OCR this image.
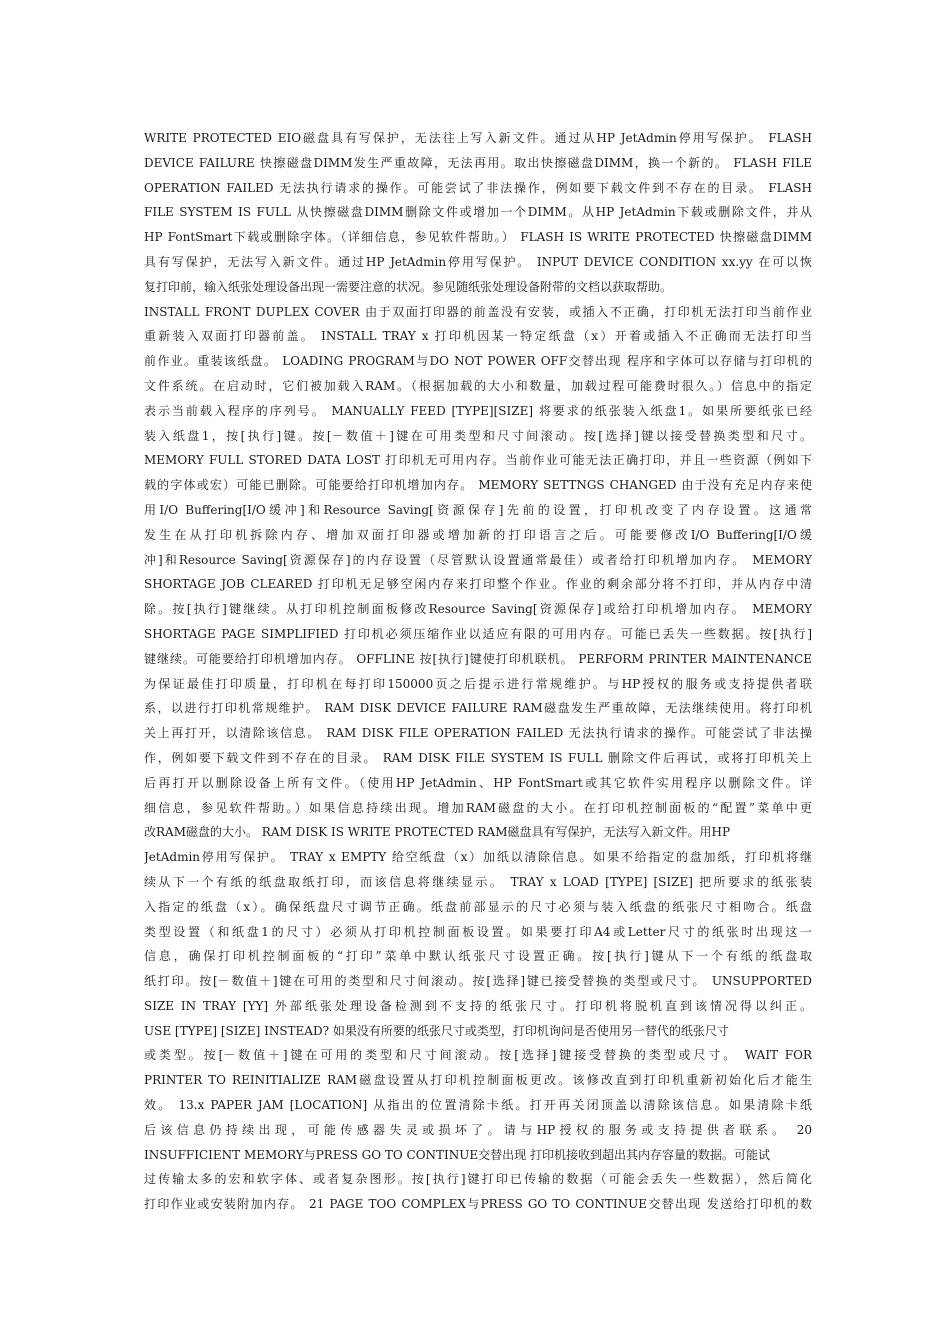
WRITE PROTECTED EIO磁盘具有写保护，无法往上写入新文件。通过从HP JetAdmin停用写保护。 FLASH
DEVICE FAILURE 快擦磁盘DIMM发生严重故障，无法再用。取出快擦磁盘DIMM，换一个新的。 FLASH FILE
OPERATION FAILED 无法执行请求的操作。可能尝试了非法操作，例如要下载文件到不存在的目录。 FLASH
FILE SYSTEM IS FULL 从快擦磁盘DIMM删除文件或增加一个DIMM。从HP JetAdmin下载或删除文件，并从
HP FontSmart下载或删除字体。（详细信息，参见软件帮助。） FLASH IS WRITE PROTECTED 快擦磁盘DIMM
具有写保护，无法写入新文件。通过HP JetAdmin停用写保护。 INPUT DEVICE CONDITION xx.yy 在可以恢
复打印前，输入纸张处理设备出现一需要注意的状况。参见随纸张处理设备附带的文档以获取帮助。
INSTALL FRONT DUPLEX COVER 由于双面打印器的前盖没有安装，或插入不正确，打印机无法打印当前作业
重新装入双面打印器前盖。 INSTALL TRAY x 打印机因某一特定纸盘（x）开着或插入不正确而无法打印当
前作业。重装该纸盘。 LOADING PROGRAM与DO NOT POWER OFF交替出现 程序和字体可以存储与打印机的
文件系统。在启动时，它们被加载入RAM。（根据加载的大小和数量，加载过程可能费时很久。）信息中的指定
表示当前载入程序的序列号。 MANUALLY FEED [TYPE][SIZE] 将要求的纸张装入纸盘1。如果所要纸张已经
装入纸盘1，按[执行]键。按[－数值＋]键在可用类型和尺寸间滚动。按[选择]键以接受替换类型和尺寸。
MEMORY FULL STORED DATA LOST 打印机无可用内存。当前作业可能无法正确打印，并且一些资源（例如下
载的字体或宏）可能已删除。可能要给打印机增加内存。 MEMORY SETTNGS CHANGED 由于没有充足内存来使
用I/O Buffering[I/O缓冲]和Resource Saving[资源保存]先前的设置，打印机改变了内存设置。这通常
发生在从打印机拆除内存、增加双面打印器或增加新的打印语言之后。可能要修改I/O Buffering[I/O缓
冲]和Resource Saving[资源保存]的内存设置（尽管默认设置通常最佳）或者给打印机增加内存。 MEMORY
SHORTAGE JOB CLEARED 打印机无足够空闲内存来打印整个作业。作业的剩余部分将不打印，并从内存中清
除。按[执行]键继续。从打印机控制面板修改Resource Saving[资源保存]或给打印机增加内存。 MEMORY
SHORTAGE PAGE SIMPLIFIED 打印机必须压缩作业以适应有限的可用内存。可能已丢失一些数据。按[执行]
键继续。可能要给打印机增加内存。 OFFLINE 按[执行]键使打印机联机。 PERFORM PRINTER MAINTENANCE
为保证最佳打印质量，打印机在每打印150000页之后提示进行常规维护。与HP授权的服务或支持提供者联
系，以进行打印机常规维护。 RAM DISK DEVICE FAILURE RAM磁盘发生严重故障，无法继续使用。将打印机
关上再打开，以清除该信息。 RAM DISK FILE OPERATION FAILED 无法执行请求的操作。可能尝试了非法操
作，例如要下载文件到不存在的目录。 RAM DISK FILE SYSTEM IS FULL 删除文件后再试，或将打印机关上
后再打开以删除设备上所有文件。（使用HP JetAdmin、HP FontSmart或其它软件实用程序以删除文件。详
细信息，参见软件帮助。）如果信息持续出现。增加RAM磁盘的大小。在打印机控制面板的“配置”菜单中更
改RAM磁盘的大小。 RAM DISK IS WRITE PROTECTED RAM磁盘具有写保护，无法写入新文件。用HP
JetAdmin停用写保护。 TRAY x EMPTY 给空纸盘（x）加纸以清除信息。如果不给指定的盘加纸，打印机将继
续从下一个有纸的纸盘取纸打印，而该信息将继续显示。 TRAY x LOAD [TYPE] [SIZE] 把所要求的纸张装
入指定的纸盘（x）。确保纸盘尺寸调节正确。纸盘前部显示的尺寸必须与装入纸盘的纸张尺寸相吻合。纸盘
类型设置（和纸盘1的尺寸）必须从打印机控制面板设置。如果要打印A4或Letter尺寸的纸张时出现这一
信息，确保打印机控制面板的“打印”菜单中默认纸张尺寸设置正确。按[执行]键从下一个有纸的纸盘取
纸打印。按[－数值＋]键在可用的类型和尺寸间滚动。按[选择]键已接受替换的类型或尺寸。 UNSUPPORTED
SIZE IN TRAY [YY] 外部纸张处理设备检测到不支持的纸张尺寸。打印机将脱机直到该情况得以纠正。
USE [TYPE] [SIZE] INSTEAD? 如果没有所要的纸张尺寸或类型，打印机询问是否使用另一替代的纸张尺寸
或类型。按[－数值＋]键在可用的类型和尺寸间滚动。按[选择]键接受替换的类型或尺寸。 WAIT FOR
PRINTER TO REINITIALIZE RAM磁盘设置从打印机控制面板更改。该修改直到打印机重新初始化后才能生
效。 13.x PAPER JAM [LOCATION] 从指出的位置清除卡纸。打开再关闭顶盖以清除该信息。如果清除卡纸
后该信息仍持续出现，可能传感器失灵或损坏了。请与HP授权的服务或支持提供者联系。 20
INSUFFICIENT MEMORY与PRESS GO TO CONTINUE交替出现 打印机接收到超出其内存容量的数据。可能试
过传输太多的宏和软字体、或者复杂图形。按[执行]键打印已传输的数据（可能会丢失一些数据），然后简化
打印作业或安装附加内存。 21 PAGE TOO COMPLEX与PRESS GO TO CONTINUE交替出现 发送给打印机的数
